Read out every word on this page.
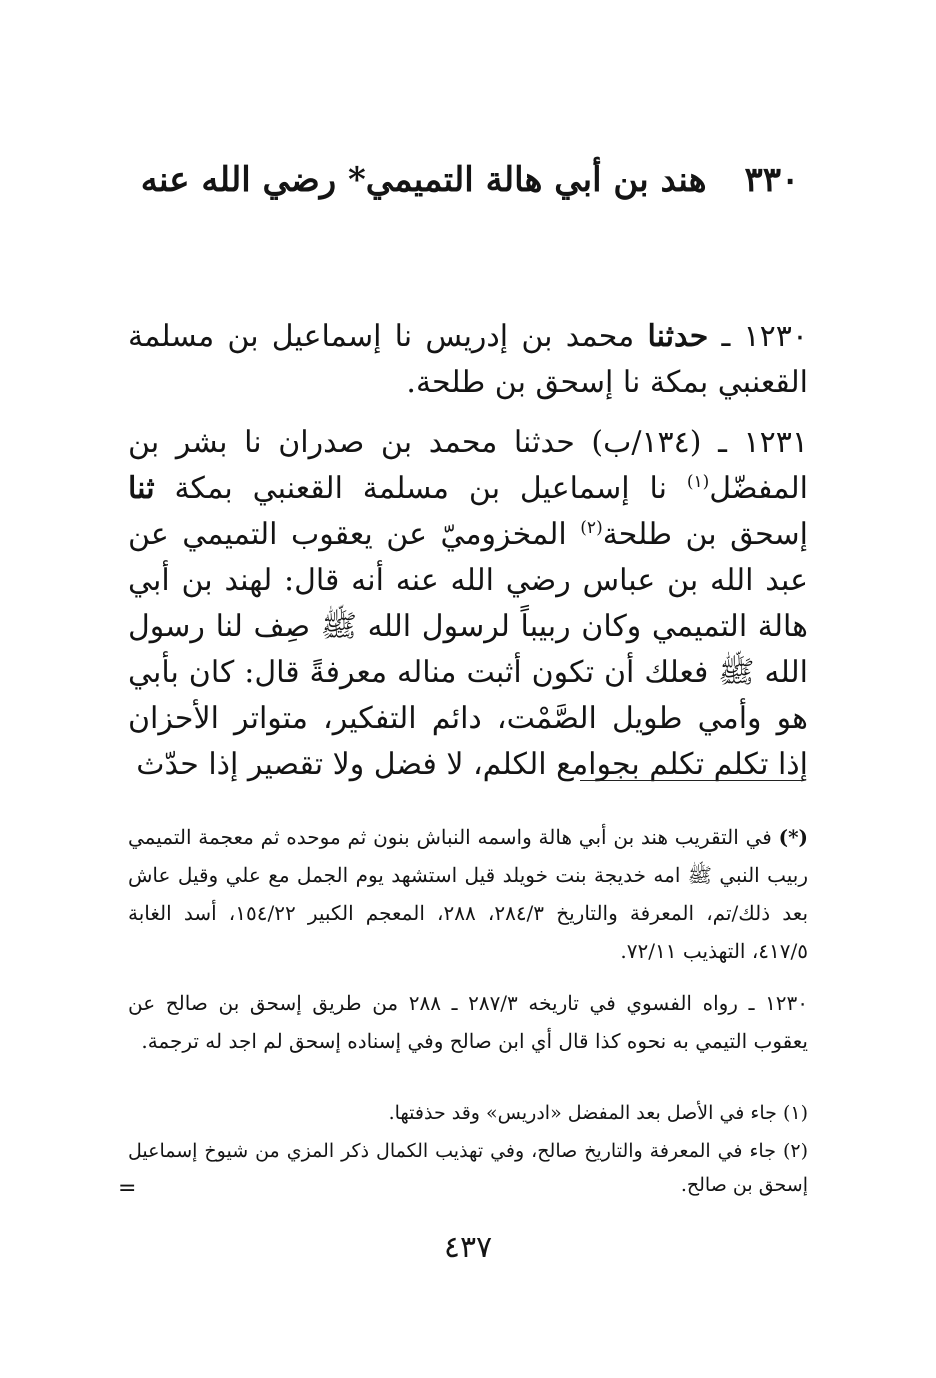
٣٣٠ هند بن أبي هالة التميمي* رضي الله عنه

١٢٣٠ ـ حدثنا محمد بن إدريس نا إسماعيل بن مسلمة القعنبي بمكة نا إسحق بن طلحة.

١٢٣١ ـ (١٣٤/ب) حدثنا محمد بن صدران نا بشر بن المفضّل$^{(١)}$ نا إسماعيل بن مسلمة القعنبي بمكة ثنا إسحق بن طلحة$^{(٢)}$ المخزوميّ عن يعقوب التميمي عن عبد الله بن عباس رضي الله عنه أنه قال: لهند بن أبي هالة التميمي وكان ربيباً لرسول الله ﷺ صِف لنا رسول الله ﷺ فعلك أن تكون أثبت مناله معرفةً قال: كان بأبي هو وأمي طويل الصَّمْت، دائم التفكير، متواتر الأحزان إذا تكلم تكلم بجوامع الكلم، لا فضل ولا تقصير إذا حدّث

(*) في التقريب هند بن أبي هالة واسمه النباش بنون ثم موحده ثم معجمة التميمي ربيب النبي ﷺ امه خديجة بنت خويلد قيل استشهد يوم الجمل مع علي وقيل عاش بعد ذلك/تم، المعرفة والتاريخ ٢٨٤/٣، ٢٨٨، المعجم الكبير ١٥٤/٢٢، أسد الغابة ٤١٧/٥، التهذيب ٧٢/١١.
١٢٣٠ ـ رواه الفسوي في تاريخه ٢٨٧/٣ ـ ٢٨٨ من طريق إسحق بن صالح عن يعقوب التيمي به نحوه كذا قال أي ابن صالح وفي إسناده إسحق لم اجد له ترجمة.
(١) جاء في الأصل بعد المفضل «ادريس» وقد حذفتها.
(٢) جاء في المعرفة والتاريخ صالح، وفي تهذيب الكمال ذكر المزي من شيوخ إسماعيل إسحق بن صالح.
=
٤٣٧
